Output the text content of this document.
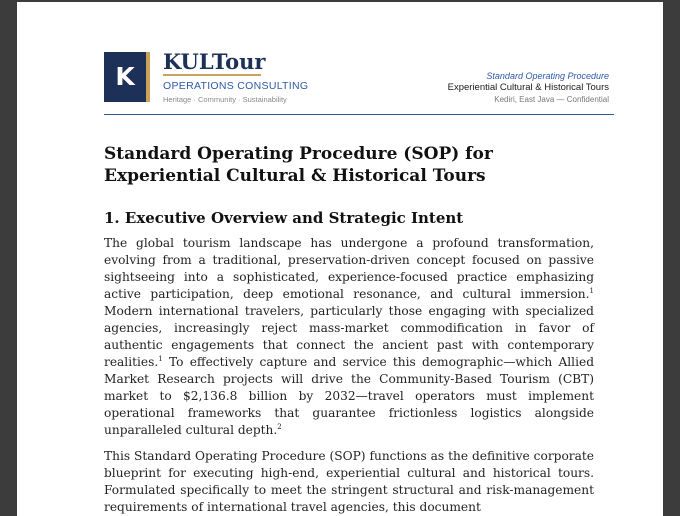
K
KULTour
OPERATIONS CONSULTING
Heritage · Community · Sustainability
Standard Operating Procedure
Experiential Cultural & Historical Tours
Kediri, East Java — Confidential
Standard Operating Procedure (SOP) for Experiential Cultural & Historical Tours
1. Executive Overview and Strategic Intent

The global tourism landscape has undergone a profound transformation, evolving from a traditional, preservation-driven concept focused on passive sightseeing into a sophisticated, experience-focused practice emphasizing active participation, deep emotional resonance, and cultural immersion.$^1$ Modern international travelers, particularly those engaging with specialized agencies, increasingly reject mass-market commodification in favor of authentic engagements that connect the ancient past with contemporary realities.$^1$ To effectively capture and service this demographic—which Allied Market Research projects will drive the Community-Based Tourism (CBT) market to $2,136.8 billion by 2032—travel operators must implement operational frameworks that guarantee frictionless logistics alongside unparalleled cultural depth.$^2$

This Standard Operating Procedure (SOP) functions as the definitive corporate blueprint for executing high-end, experiential cultural and historical tours. Formulated specifically to meet the stringent structural and risk-management requirements of international travel agencies, this document
